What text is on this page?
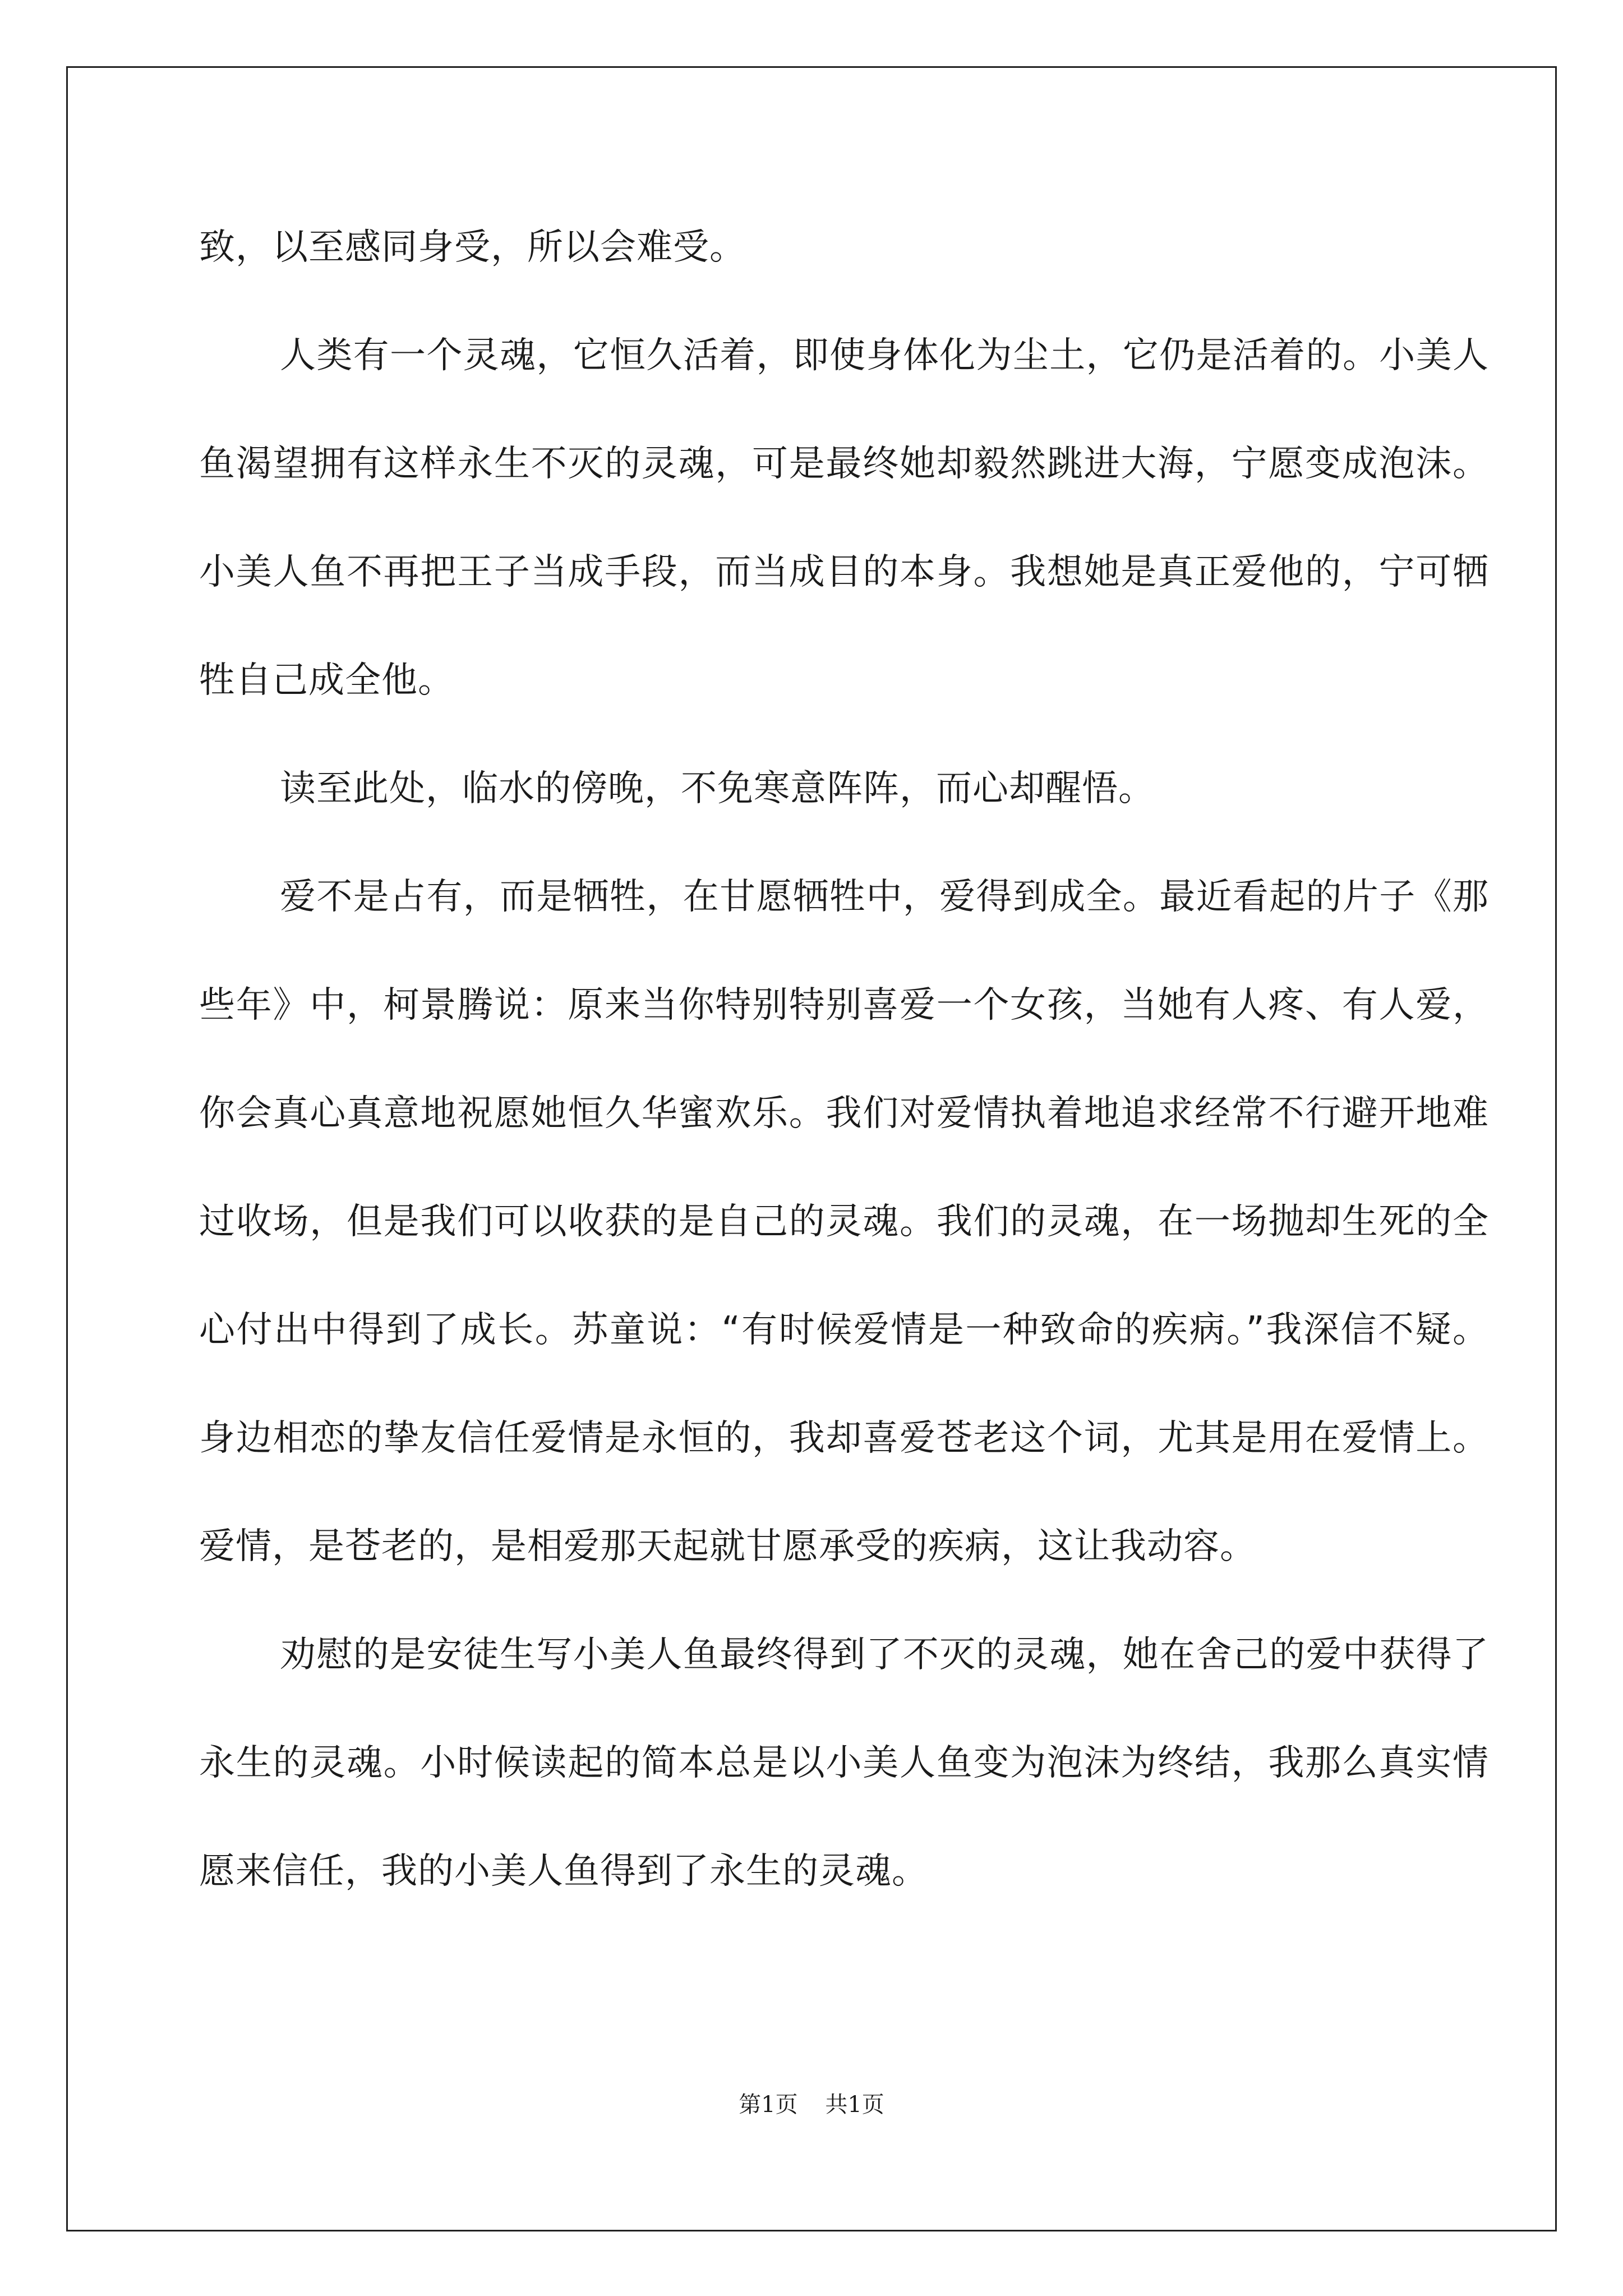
致，以至感同身受，所以会难受。

人类有一个灵魂，它恒久活着，即使身体化为尘土，它仍是活着的。小美人鱼渴望拥有这样永生不灭的灵魂，可是最终她却毅然跳进大海，宁愿变成泡沫。小美人鱼不再把王子当成手段，而当成目的本身。我想她是真正爱他的，宁可牺牲自己成全他。

读至此处，临水的傍晚，不免寒意阵阵，而心却醒悟。

爱不是占有，而是牺牲，在甘愿牺牲中，爱得到成全。最近看起的片子《那些年》中，柯景腾说：原来当你特别特别喜爱一个女孩，当她有人疼、有人爱，你会真心真意地祝愿她恒久华蜜欢乐。我们对爱情执着地追求经常不行避开地难过收场，但是我们可以收获的是自己的灵魂。我们的灵魂，在一场抛却生死的全心付出中得到了成长。苏童说：“有时候爱情是一种致命的疾病。”我深信不疑。身边相恋的挚友信任爱情是永恒的，我却喜爱苍老这个词，尤其是用在爱情上。爱情，是苍老的，是相爱那天起就甘愿承受的疾病，这让我动容。

劝慰的是安徒生写小美人鱼最终得到了不灭的灵魂，她在舍己的爱中获得了永生的灵魂。小时候读起的简本总是以小美人鱼变为泡沫为终结，我那么真实情愿来信任，我的小美人鱼得到了永生的灵魂。

第1页 共1页
